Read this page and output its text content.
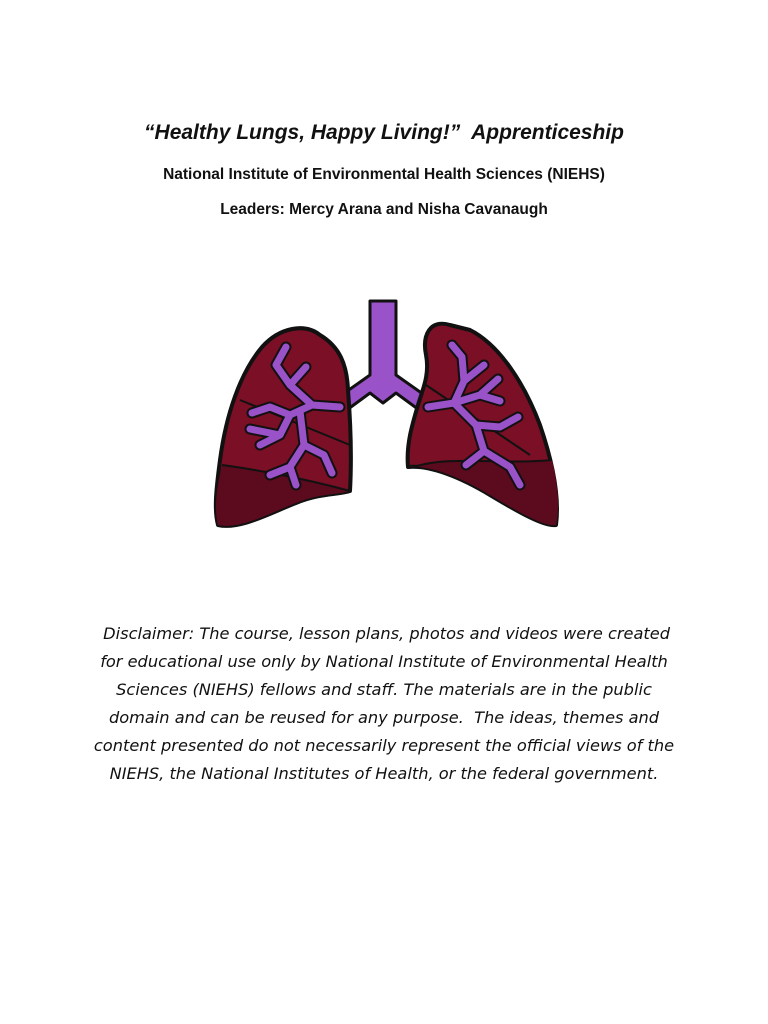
“Healthy Lungs, Happy Living!”  Apprenticeship

National Institute of Environmental Health Sciences (NIEHS)

Leaders: Mercy Arana and Nisha Cavanaugh

Disclaimer: The course, lesson plans, photos and videos were created
for educational use only by National Institute of Environmental Health
Sciences (NIEHS) fellows and staff. The materials are in the public
domain and can be reused for any purpose.  The ideas, themes and
content presented do not necessarily represent the official views of the
NIEHS, the National Institutes of Health, or the federal government.
